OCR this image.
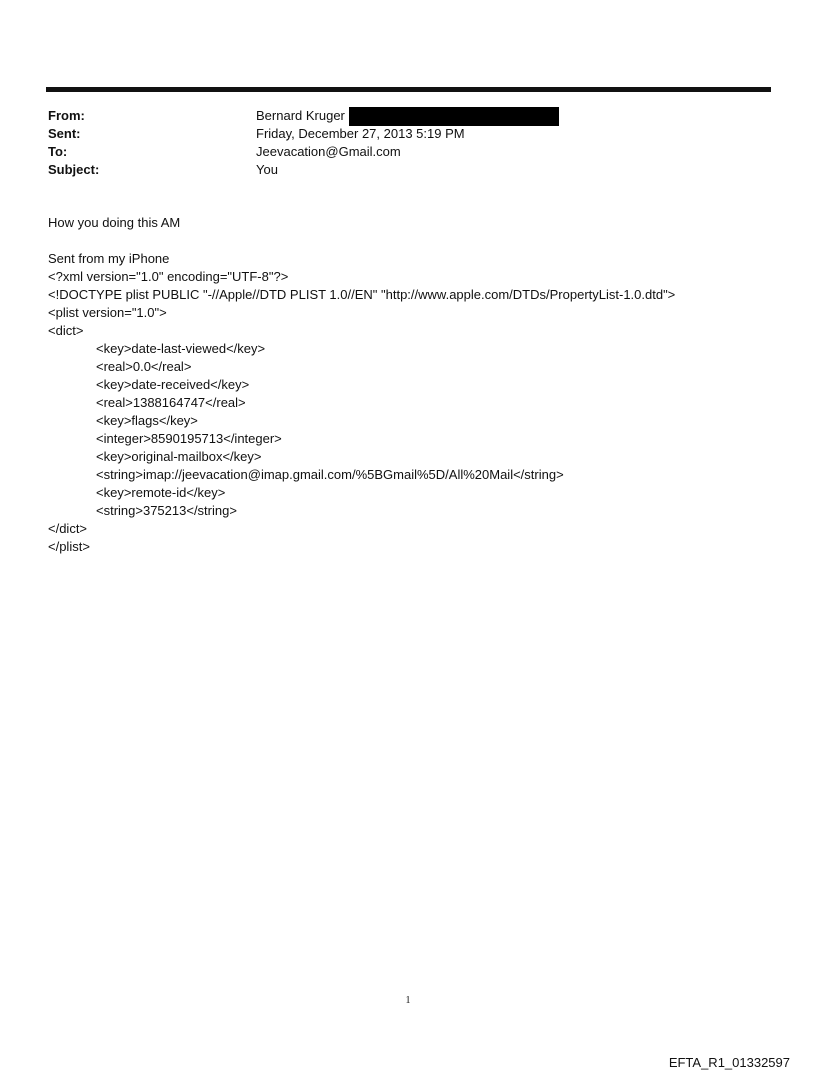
From:	Bernard Kruger
Sent:	Friday, December 27, 2013 5:19 PM
To:	Jeevacation@Gmail.com
Subject:	You
How you doing this AM
Sent from my iPhone
<?xml version="1.0" encoding="UTF-8"?>
<!DOCTYPE plist PUBLIC "-//Apple//DTD PLIST 1.0//EN" "http://www.apple.com/DTDs/PropertyList-1.0.dtd">
<plist version="1.0">
<dict>
<key>date-last-viewed</key>
<real>0.0</real>
<key>date-received</key>
<real>1388164747</real>
<key>flags</key>
<integer>8590195713</integer>
<key>original-mailbox</key>
<string>imap://jeevacation@imap.gmail.com/%5BGmail%5D/All%20Mail</string>
<key>remote-id</key>
<string>375213</string>
</dict>
</plist>
1
EFTA_R1_01332597
